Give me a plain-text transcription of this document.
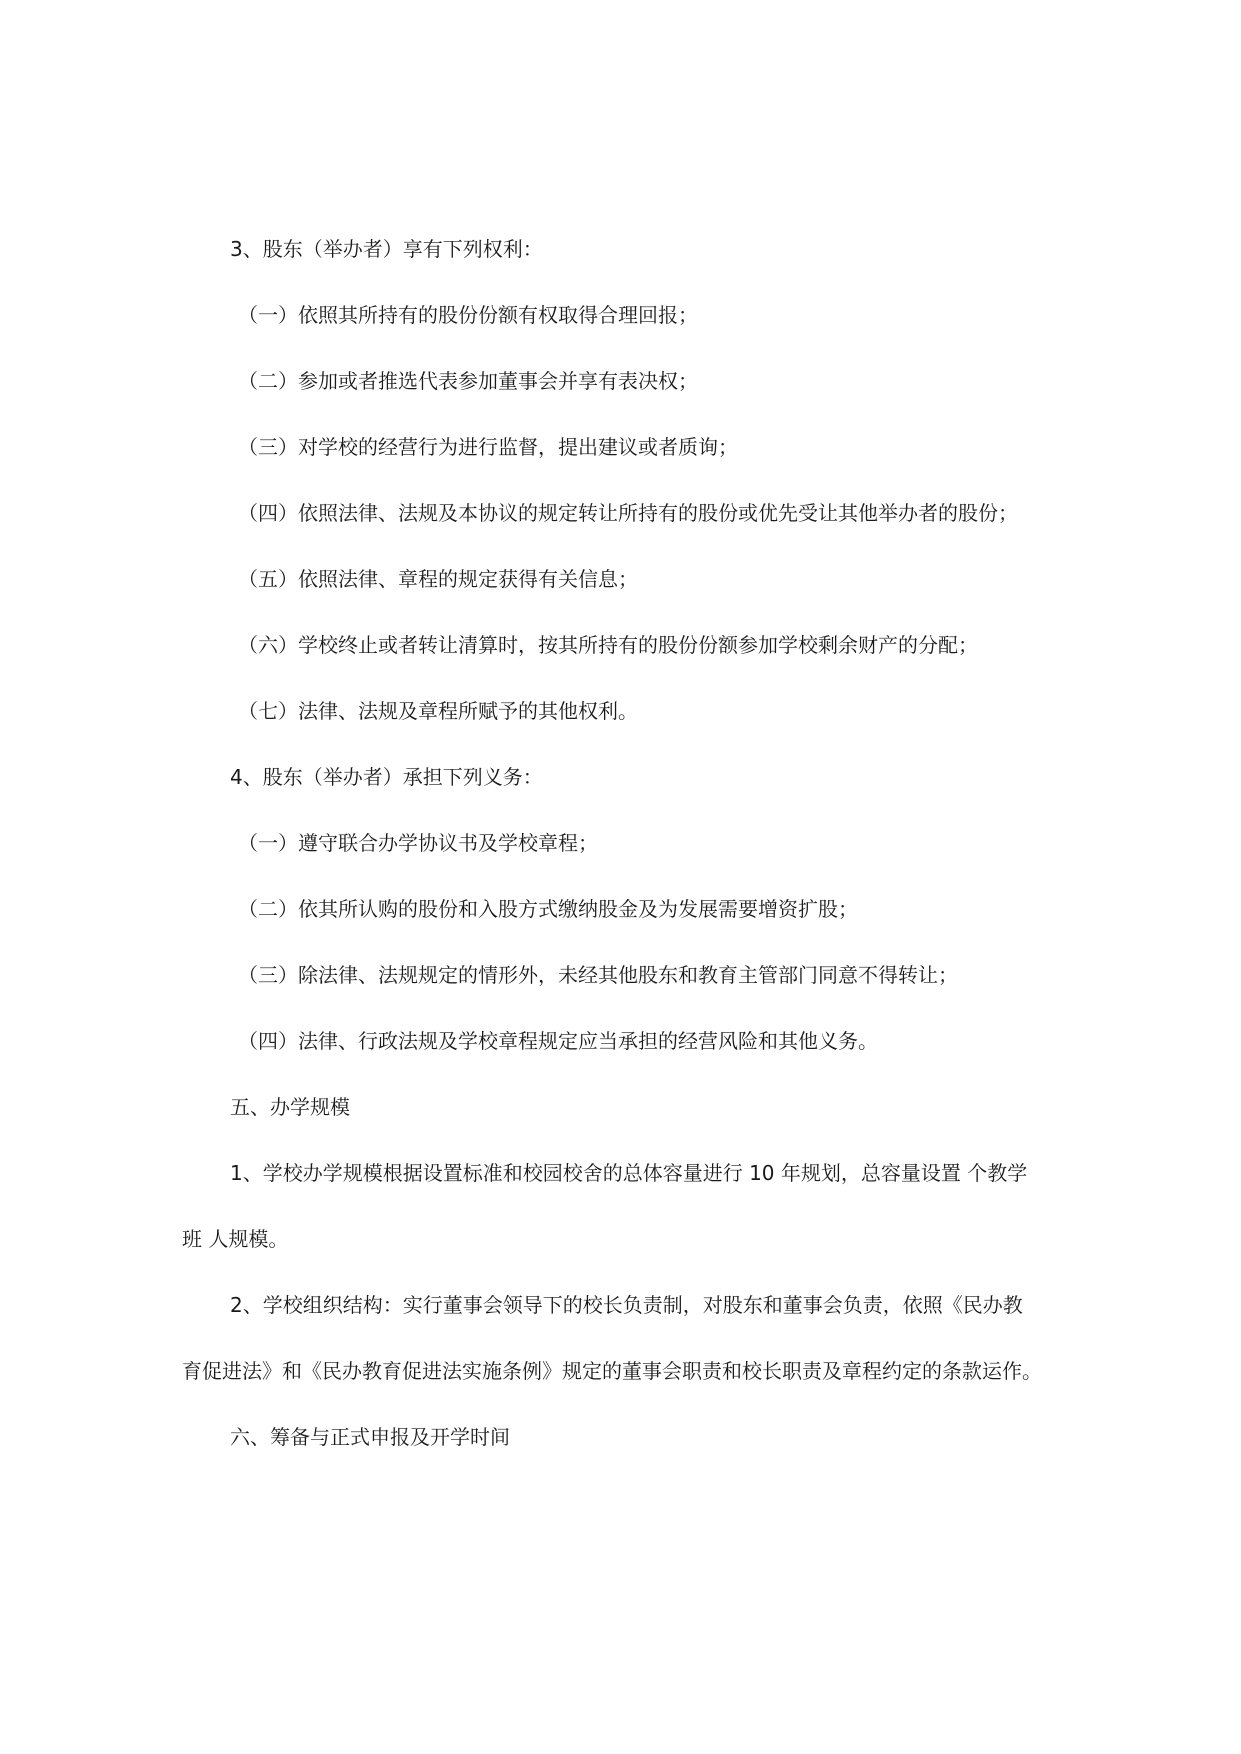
3、股东（举办者）享有下列权利：

（一）依照其所持有的股份份额有权取得合理回报；

（二）参加或者推选代表参加董事会并享有表决权；

（三）对学校的经营行为进行监督，提出建议或者质询；

（四）依照法律、法规及本协议的规定转让所持有的股份或优先受让其他举办者的股份；

（五）依照法律、章程的规定获得有关信息；

（六）学校终止或者转让清算时，按其所持有的股份份额参加学校剩余财产的分配；

（七）法律、法规及章程所赋予的其他权利。

4、股东（举办者）承担下列义务：

（一）遵守联合办学协议书及学校章程；

（二）依其所认购的股份和入股方式缴纳股金及为发展需要增资扩股；

（三）除法律、法规规定的情形外，未经其他股东和教育主管部门同意不得转让；

（四）法律、行政法规及学校章程规定应当承担的经营风险和其他义务。

五、办学规模

1、学校办学规模根据设置标准和校园校舍的总体容量进行 10 年规划，总容量设置 个教学

班 人规模。

2、学校组织结构：实行董事会领导下的校长负责制，对股东和董事会负责，依照《民办教

育促进法》和《民办教育促进法实施条例》规定的董事会职责和校长职责及章程约定的条款运作。

六、筹备与正式申报及开学时间
